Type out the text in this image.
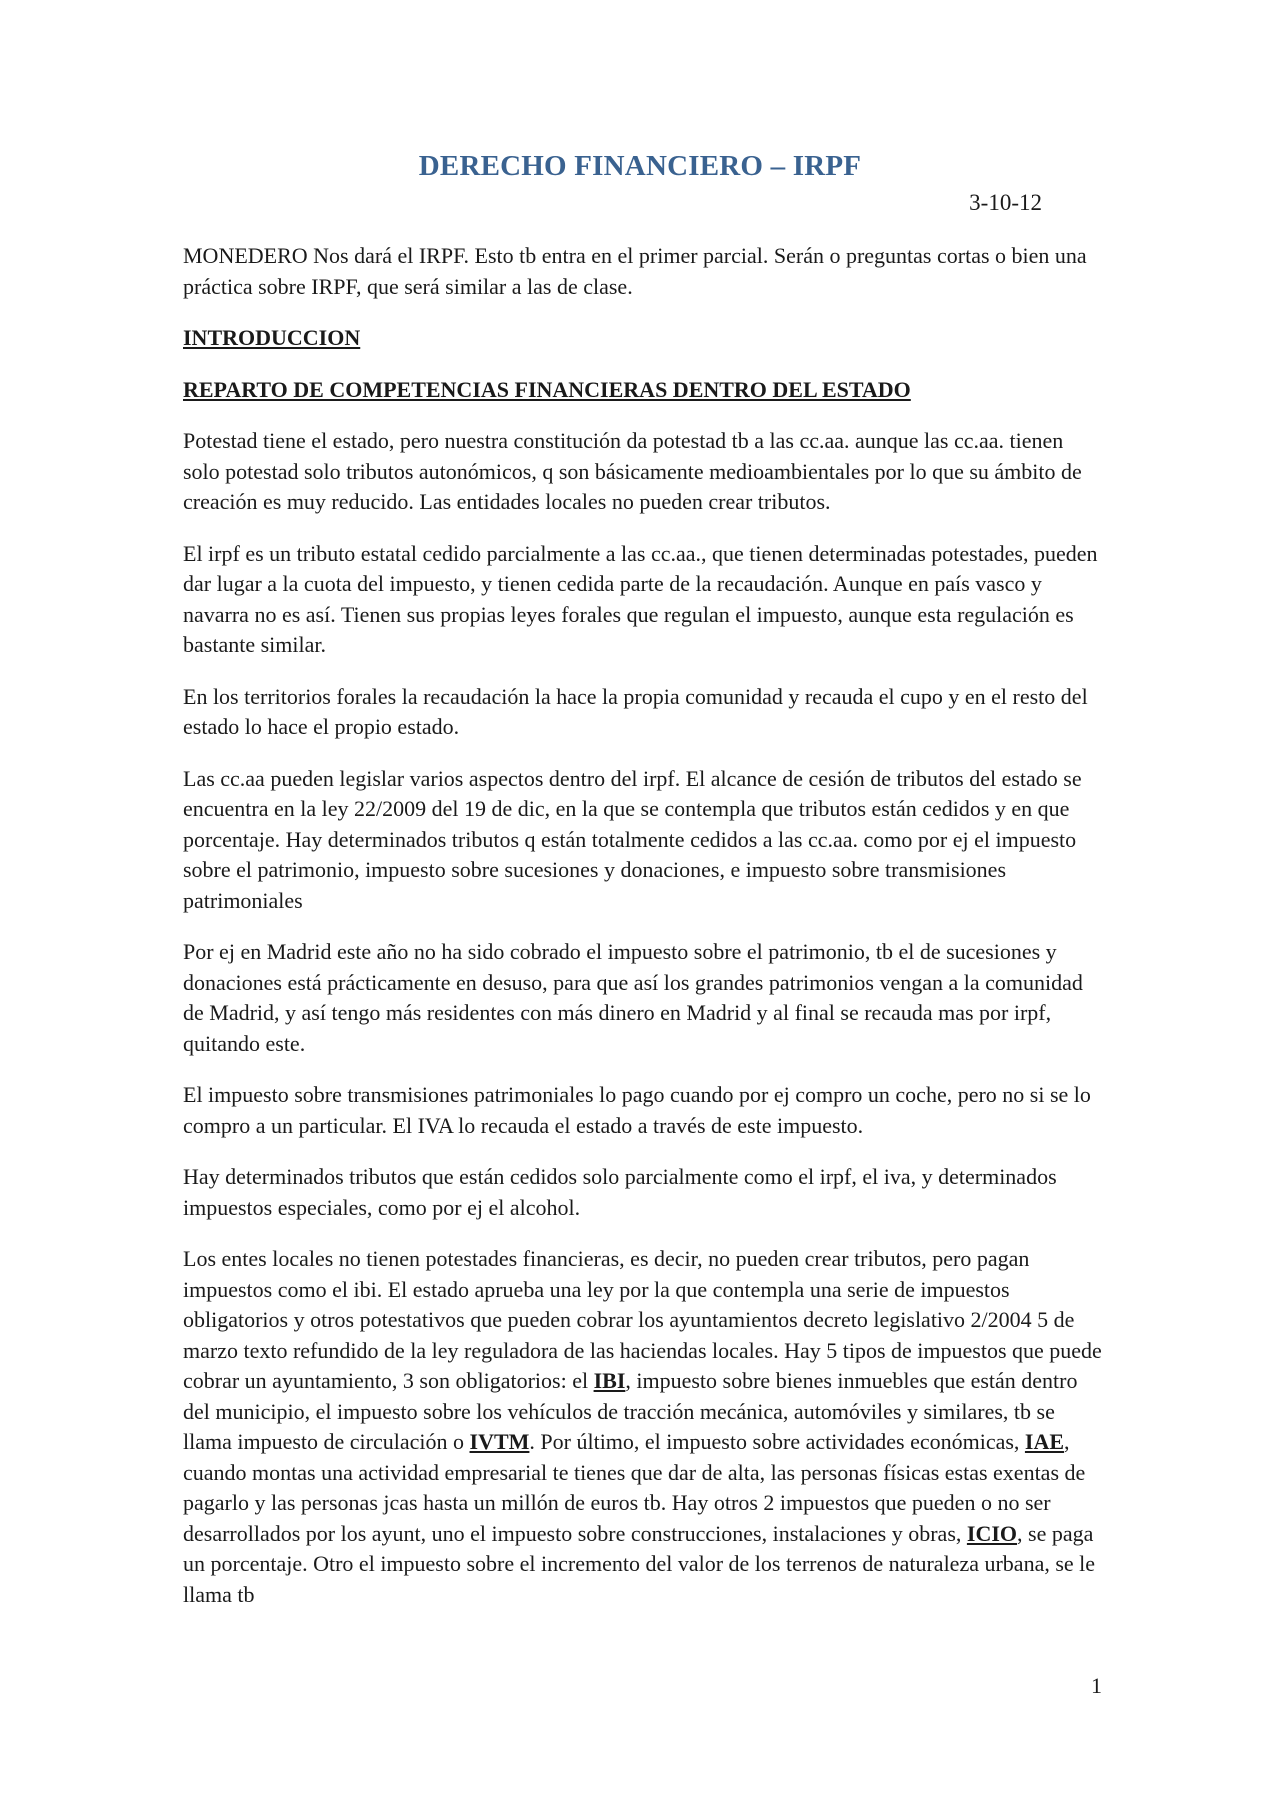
DERECHO FINANCIERO – IRPF
3-10-12

MONEDERO Nos dará el IRPF. Esto tb entra en el primer parcial. Serán o preguntas cortas o bien una práctica sobre IRPF, que será similar a las de clase.

INTRODUCCION

REPARTO DE COMPETENCIAS FINANCIERAS DENTRO DEL ESTADO

Potestad tiene el estado, pero nuestra constitución da potestad tb a las cc.aa. aunque las cc.aa. tienen solo potestad solo tributos autonómicos, q son básicamente medioambientales por lo que su ámbito de creación es muy reducido. Las entidades locales no pueden crear tributos.

El irpf es un tributo estatal cedido parcialmente a las cc.aa., que tienen determinadas potestades, pueden dar lugar a la cuota del impuesto, y tienen cedida parte de la recaudación. Aunque en país vasco y navarra no es así. Tienen sus propias leyes forales que regulan el impuesto, aunque esta regulación es bastante similar.

En los territorios forales la recaudación la hace la propia comunidad y recauda el cupo y en el resto del estado lo hace el propio estado.

Las cc.aa pueden legislar varios aspectos dentro del irpf. El alcance de cesión de tributos del estado se encuentra en la ley 22/2009 del 19 de dic, en la que se contempla que tributos están cedidos y en que porcentaje. Hay determinados tributos q están totalmente cedidos a las cc.aa. como por ej el impuesto sobre el patrimonio, impuesto sobre sucesiones y donaciones, e impuesto sobre transmisiones patrimoniales

Por ej en Madrid este año no ha sido cobrado el impuesto sobre el patrimonio, tb el de sucesiones y donaciones está prácticamente en desuso, para que así los grandes patrimonios vengan a la comunidad de Madrid, y así tengo más residentes con más dinero en Madrid y al final se recauda mas por irpf, quitando este.

El impuesto sobre transmisiones patrimoniales lo pago cuando por ej compro un coche, pero no si se lo compro a un particular. El IVA lo recauda el estado a través de este impuesto.

Hay determinados tributos que están cedidos solo parcialmente como el irpf, el iva, y determinados impuestos especiales, como por ej el alcohol.

Los entes locales no tienen potestades financieras, es decir, no pueden crear tributos, pero pagan impuestos como el ibi. El estado aprueba una ley por la que contempla una serie de impuestos obligatorios y otros potestativos que pueden cobrar los ayuntamientos decreto legislativo 2/2004 5 de marzo texto refundido de la ley reguladora de las haciendas locales. Hay 5 tipos de impuestos que puede cobrar un ayuntamiento, 3 son obligatorios: el IBI, impuesto sobre bienes inmuebles que están dentro del municipio, el impuesto sobre los vehículos de tracción mecánica, automóviles y similares, tb se llama impuesto de circulación o IVTM. Por último, el impuesto sobre actividades económicas, IAE, cuando montas una actividad empresarial te tienes que dar de alta, las personas físicas estas exentas de pagarlo y las personas jcas hasta un millón de euros tb. Hay otros 2 impuestos que pueden o no ser desarrollados por los ayunt, uno el impuesto sobre construcciones, instalaciones y obras, ICIO, se paga un porcentaje. Otro el impuesto sobre el incremento del valor de los terrenos de naturaleza urbana, se le llama tb

1
